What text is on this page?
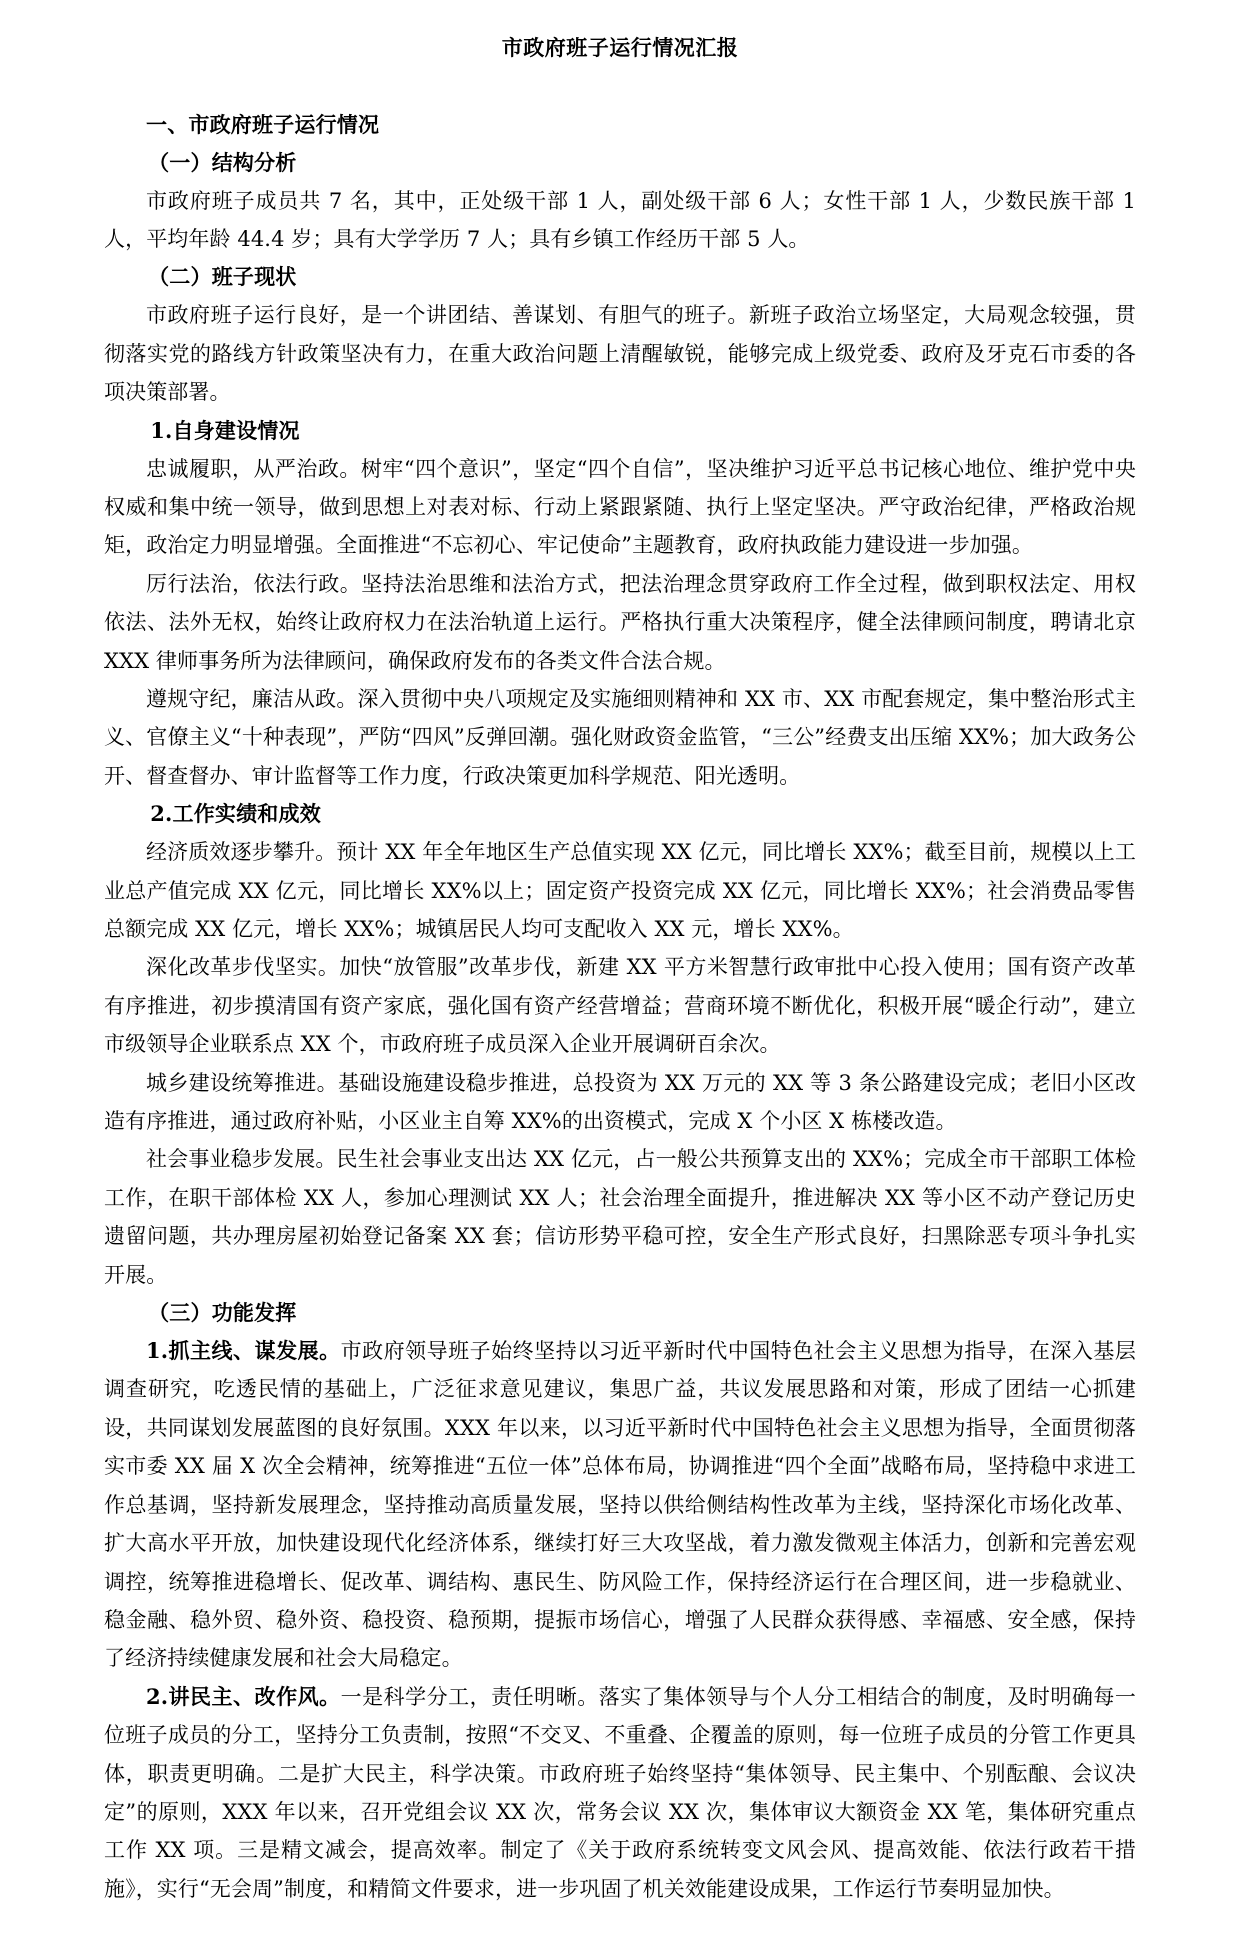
市政府班子运行情况汇报
一、市政府班子运行情况
（一）结构分析

市政府班子成员共 7 名，其中，正处级干部 1 人，副处级干部 6 人；女性干部 1 人，少数民族干部 1 人，平均年龄 44.4 岁；具有大学学历 7 人；具有乡镇工作经历干部 5 人。

（二）班子现状

市政府班子运行良好，是一个讲团结、善谋划、有胆气的班子。新班子政治立场坚定，大局观念较强，贯彻落实党的路线方针政策坚决有力，在重大政治问题上清醒敏锐，能够完成上级党委、政府及牙克石市委的各项决策部署。

1.自身建设情况

忠诚履职，从严治政。树牢“四个意识”，坚定“四个自信”，坚决维护习近平总书记核心地位、维护党中央权威和集中统一领导，做到思想上对表对标、行动上紧跟紧随、执行上坚定坚决。严守政治纪律，严格政治规矩，政治定力明显增强。全面推进“不忘初心、牢记使命”主题教育，政府执政能力建设进一步加强。

厉行法治，依法行政。坚持法治思维和法治方式，把法治理念贯穿政府工作全过程，做到职权法定、用权依法、法外无权，始终让政府权力在法治轨道上运行。严格执行重大决策程序，健全法律顾问制度，聘请北京 XXX 律师事务所为法律顾问，确保政府发布的各类文件合法合规。

遵规守纪，廉洁从政。深入贯彻中央八项规定及实施细则精神和 XX 市、XX 市配套规定，集中整治形式主义、官僚主义“十种表现”，严防“四风”反弹回潮。强化财政资金监管，“三公”经费支出压缩 XX%；加大政务公开、督查督办、审计监督等工作力度，行政决策更加科学规范、阳光透明。

2.工作实绩和成效

经济质效逐步攀升。预计 XX 年全年地区生产总值实现 XX 亿元，同比增长 XX%；截至目前，规模以上工业总产值完成 XX 亿元，同比增长 XX%以上；固定资产投资完成 XX 亿元，同比增长 XX%；社会消费品零售总额完成 XX 亿元，增长 XX%；城镇居民人均可支配收入 XX 元，增长 XX%。

深化改革步伐坚实。加快“放管服”改革步伐，新建 XX 平方米智慧行政审批中心投入使用；国有资产改革有序推进，初步摸清国有资产家底，强化国有资产经营增益；营商环境不断优化，积极开展“暖企行动”，建立市级领导企业联系点 XX 个，市政府班子成员深入企业开展调研百余次。

城乡建设统筹推进。基础设施建设稳步推进，总投资为 XX 万元的 XX 等 3 条公路建设完成；老旧小区改造有序推进，通过政府补贴，小区业主自筹 XX%的出资模式，完成 X 个小区 X 栋楼改造。

社会事业稳步发展。民生社会事业支出达 XX 亿元，占一般公共预算支出的 XX%；完成全市干部职工体检工作，在职干部体检 XX 人，参加心理测试 XX 人；社会治理全面提升，推进解决 XX 等小区不动产登记历史遗留问题，共办理房屋初始登记备案 XX 套；信访形势平稳可控，安全生产形式良好，扫黑除恶专项斗争扎实开展。

（三）功能发挥

1.抓主线、谋发展。市政府领导班子始终坚持以习近平新时代中国特色社会主义思想为指导，在深入基层调查研究，吃透民情的基础上，广泛征求意见建议，集思广益，共议发展思路和对策，形成了团结一心抓建设，共同谋划发展蓝图的良好氛围。XXX 年以来，以习近平新时代中国特色社会主义思想为指导，全面贯彻落实市委 XX 届 X 次全会精神，统筹推进“五位一体”总体布局，协调推进“四个全面”战略布局，坚持稳中求进工作总基调，坚持新发展理念，坚持推动高质量发展，坚持以供给侧结构性改革为主线，坚持深化市场化改革、扩大高水平开放，加快建设现代化经济体系，继续打好三大攻坚战，着力激发微观主体活力，创新和完善宏观调控，统筹推进稳增长、促改革、调结构、惠民生、防风险工作，保持经济运行在合理区间，进一步稳就业、稳金融、稳外贸、稳外资、稳投资、稳预期，提振市场信心，增强了人民群众获得感、幸福感、安全感，保持了经济持续健康发展和社会大局稳定。

2.讲民主、改作风。一是科学分工，责任明晰。落实了集体领导与个人分工相结合的制度，及时明确每一位班子成员的分工，坚持分工负责制，按照“不交叉、不重叠、企覆盖的原则，每一位班子成员的分管工作更具体，职责更明确。二是扩大民主，科学决策。市政府班子始终坚持“集体领导、民主集中、个别酝酿、会议决定”的原则，XXX 年以来，召开党组会议 XX 次，常务会议 XX 次，集体审议大额资金 XX 笔，集体研究重点工作 XX 项。三是精文减会，提高效率。制定了《关于政府系统转变文风会风、提高效能、依法行政若干措施》，实行“无会周”制度，和精简文件要求，进一步巩固了机关效能建设成果，工作运行节奏明显加快。
